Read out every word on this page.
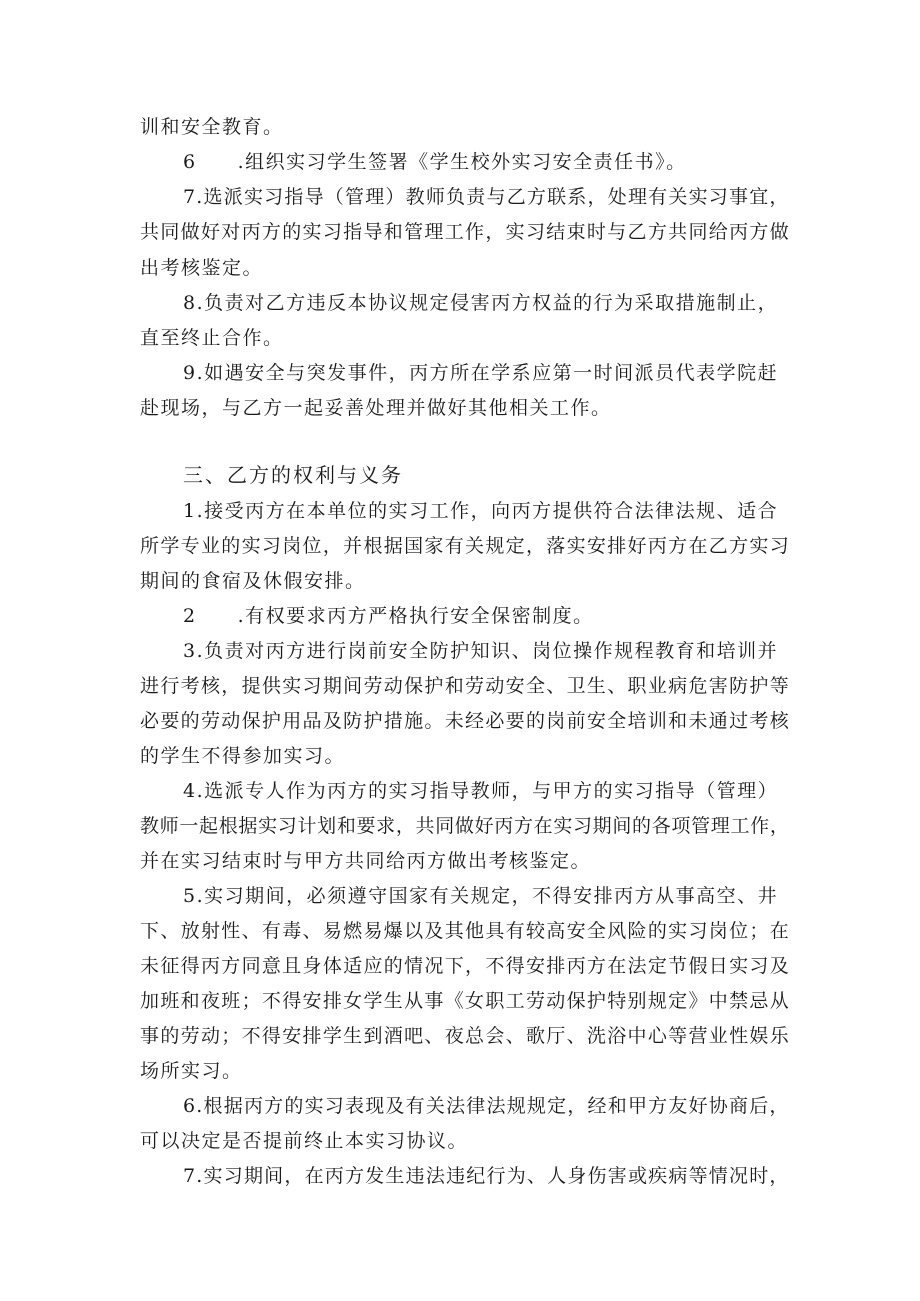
训和安全教育。
6　　.组织实习学生签署《学生校外实习安全责任书》。
7.选派实习指导（管理）教师负责与乙方联系，处理有关实习事宜，
共同做好对丙方的实习指导和管理工作，实习结束时与乙方共同给丙方做
出考核鉴定。
8.负责对乙方违反本协议规定侵害丙方权益的行为采取措施制止，
直至终止合作。
9.如遇安全与突发事件，丙方所在学系应第一时间派员代表学院赶
赴现场，与乙方一起妥善处理并做好其他相关工作。
三、乙方的权利与义务
1.接受丙方在本单位的实习工作，向丙方提供符合法律法规、适合
所学专业的实习岗位，并根据国家有关规定，落实安排好丙方在乙方实习
期间的食宿及休假安排。
2　　.有权要求丙方严格执行安全保密制度。
3.负责对丙方进行岗前安全防护知识、岗位操作规程教育和培训并
进行考核，提供实习期间劳动保护和劳动安全、卫生、职业病危害防护等
必要的劳动保护用品及防护措施。未经必要的岗前安全培训和未通过考核
的学生不得参加实习。
4.选派专人作为丙方的实习指导教师，与甲方的实习指导（管理）
教师一起根据实习计划和要求，共同做好丙方在实习期间的各项管理工作，
并在实习结束时与甲方共同给丙方做出考核鉴定。
5.实习期间，必须遵守国家有关规定，不得安排丙方从事高空、井
下、放射性、有毒、易燃易爆以及其他具有较高安全风险的实习岗位；在
未征得丙方同意且身体适应的情况下，不得安排丙方在法定节假日实习及
加班和夜班；不得安排女学生从事《女职工劳动保护特别规定》中禁忌从
事的劳动；不得安排学生到酒吧、夜总会、歌厅、洗浴中心等营业性娱乐
场所实习。
6.根据丙方的实习表现及有关法律法规规定，经和甲方友好协商后，
可以决定是否提前终止本实习协议。
7.实习期间，在丙方发生违法违纪行为、人身伤害或疾病等情况时，
